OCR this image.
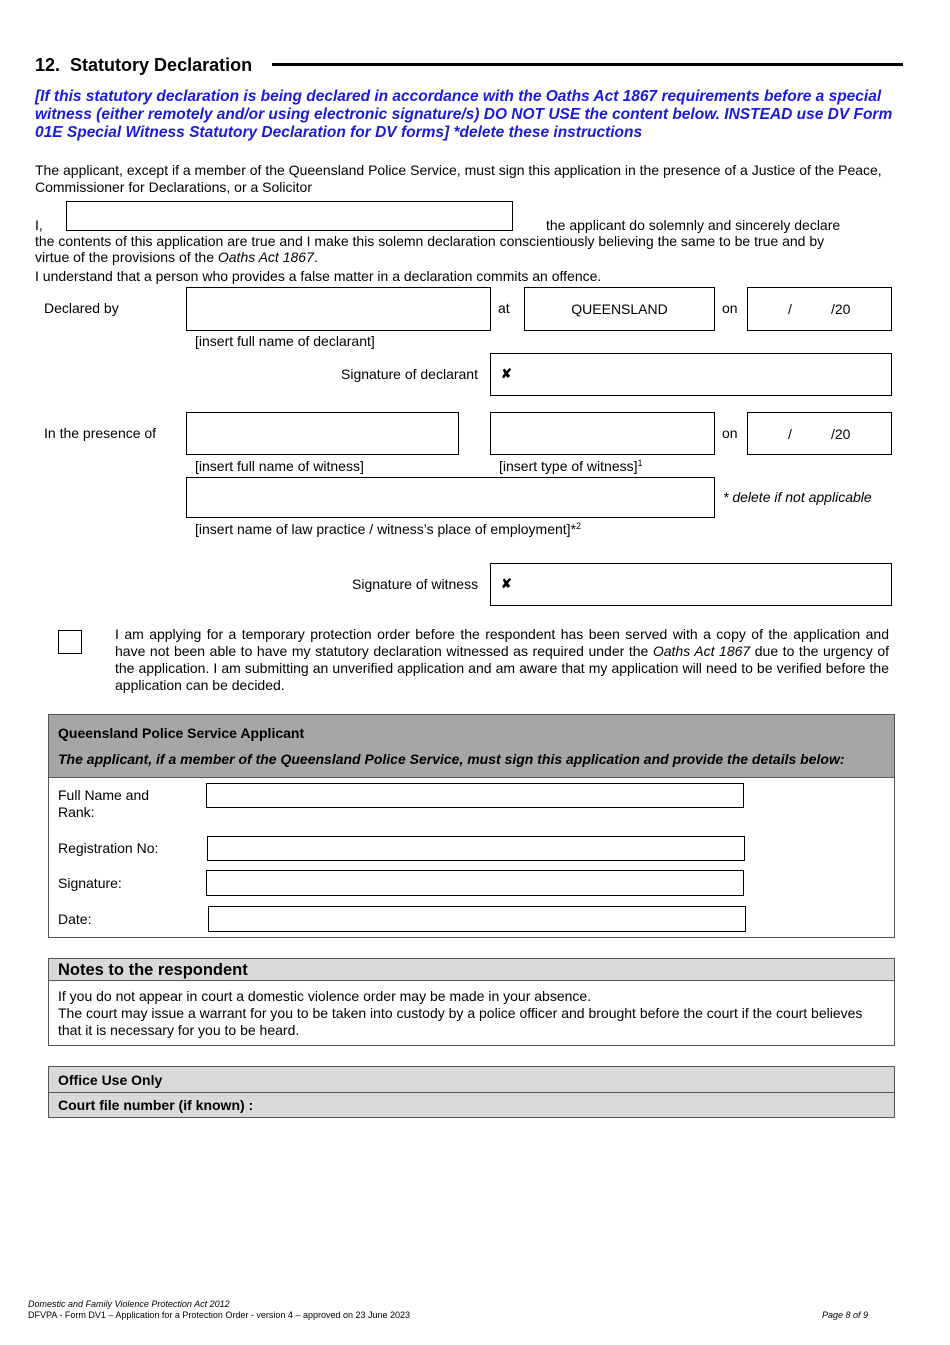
12. Statutory Declaration
[If this statutory declaration is being declared in accordance with the Oaths Act 1867 requirements before a special witness (either remotely and/or using electronic signature/s) DO NOT USE the content below. INSTEAD use DV Form 01E Special Witness Statutory Declaration for DV forms] *delete these instructions
The applicant, except if a member of the Queensland Police Service, must sign this application in the presence of a Justice of the Peace, Commissioner for Declarations, or a Solicitor
I,	the applicant do solemnly and sincerely declare
the contents of this application are true and I make this solemn declaration conscientiously believing the same to be true and by
virtue of the provisions of the Oaths Act 1867.
I understand that a person who provides a false matter in a declaration commits an offence.
Declared by	at	QUEENSLAND	on	/	/20
[insert full name of declarant]
Signature of declarant ✘
In the presence of	on	/	/20
[insert full name of witness]	[insert type of witness]$^1$
* delete if not applicable
[insert name of law practice / witness’s place of employment]*$^2$
Signature of witness ✘
I am applying for a temporary protection order before the respondent has been served with a copy of the application and have not been able to have my statutory declaration witnessed as required under the Oaths Act 1867 due to the urgency of the application. I am submitting an unverified application and am aware that my application will need to be verified before the application can be decided.
Queensland Police Service Applicant
The applicant, if a member of the Queensland Police Service, must sign this application and provide the details below:
Full Name and Rank:
Registration No:
Signature:
Date:
Notes to the respondent
If you do not appear in court a domestic violence order may be made in your absence.
The court may issue a warrant for you to be taken into custody by a police officer and brought before the court if the court believes that it is necessary for you to be heard.
Office Use Only
Court file number (if known) :
Domestic and Family Violence Protection Act 2012
DFVPA - Form DV1 – Application for a Protection Order - version 4 – approved on 23 June 2023	Page 8 of 9
